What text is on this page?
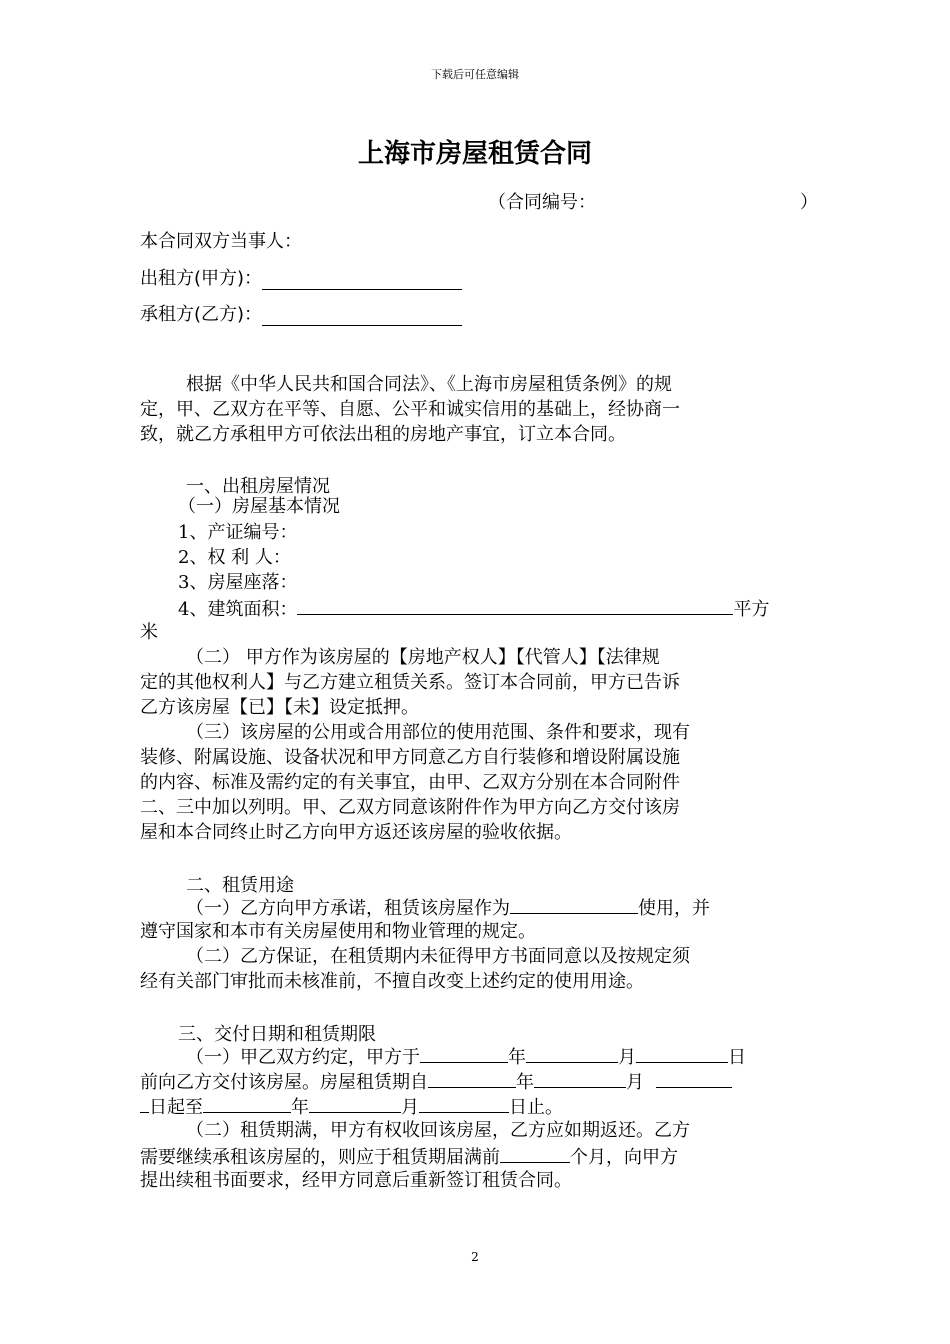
下载后可任意编辑
上海市房屋租赁合同
（合同编号：	）
本合同双方当事人：
出租方(甲方)：
承租方(乙方)：
根据《中华人民共和国合同法》、《上海市房屋租赁条例》的规
定，甲、乙双方在平等、自愿、公平和诚实信用的基础上，经协商一
致，就乙方承租甲方可依法出租的房地产事宜，订立本合同。
一、出租房屋情况
（一）房屋基本情况
1、产证编号：
2、权 利 人：
3、房屋座落：
4、建筑面积：	平方
米
（二） 甲方作为该房屋的【房地产权人】【代管人】【法律规
定的其他权利人】与乙方建立租赁关系。签订本合同前，甲方已告诉
乙方该房屋【已】【未】设定抵押。
（三）该房屋的公用或合用部位的使用范围、条件和要求，现有
装修、附属设施、设备状况和甲方同意乙方自行装修和增设附属设施
的内容、标准及需约定的有关事宜，由甲、乙双方分别在本合同附件
二、三中加以列明。甲、乙双方同意该附件作为甲方向乙方交付该房
屋和本合同终止时乙方向甲方返还该房屋的验收依据。
二、租赁用途
（一）乙方向甲方承诺，租赁该房屋作为	使用，并
遵守国家和本市有关房屋使用和物业管理的规定。
（二）乙方保证，在租赁期内未征得甲方书面同意以及按规定须
经有关部门审批而未核准前，不擅自改变上述约定的使用用途。
三、交付日期和租赁期限
（一）甲乙双方约定，甲方于	年	月	日
前向乙方交付该房屋。房屋租赁期自	年	月
日起至	年	月	日止。
（二）租赁期满，甲方有权收回该房屋，乙方应如期返还。乙方
需要继续承租该房屋的，则应于租赁期届满前	个月，向甲方
提出续租书面要求，经甲方同意后重新签订租赁合同。
2
